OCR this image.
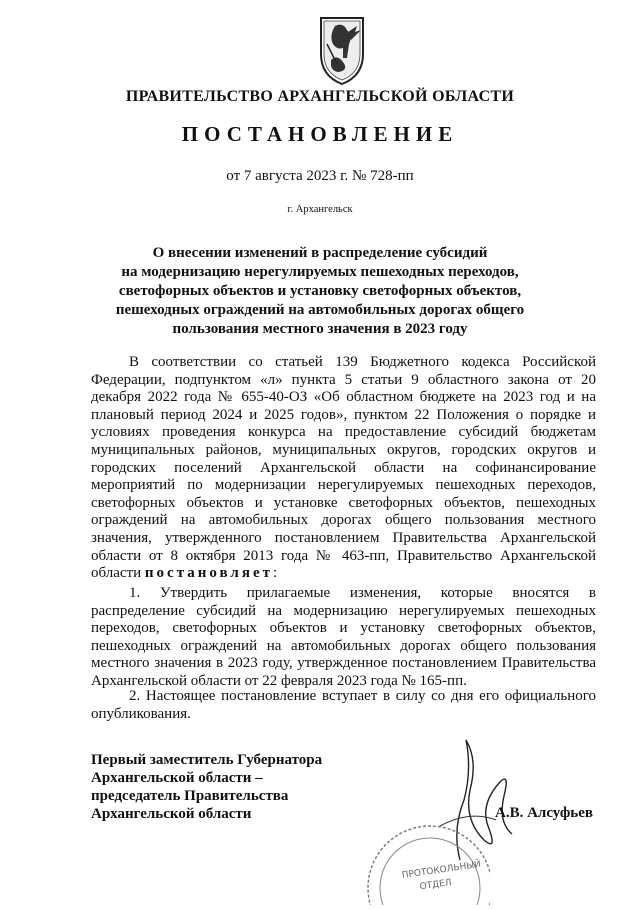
ПРАВИТЕЛЬСТВО АРХАНГЕЛЬСКОЙ ОБЛАСТИ
ПОСТАНОВЛЕНИЕ
от 7 августа 2023 г. № 728-пп
г. Архангельск
О внесении изменений в распределение субсидий
на модернизацию нерегулируемых пешеходных переходов,
светофорных объектов и установку светофорных объектов,
пешеходных ограждений на автомобильных дорогах общего
пользования местного значения в 2023 году
В соответствии со статьей 139 Бюджетного кодекса Российской Федерации, подпунктом «л» пункта 5 статьи 9 областного закона от 20 декабря 2022 года № 655-40-ОЗ «Об областном бюджете на 2023 год и на плановый период 2024 и 2025 годов», пунктом 22 Положения о порядке и условиях проведения конкурса на предоставление субсидий бюджетам муниципальных районов, муниципальных округов, городских округов и городских поселений Архангельской области на софинансирование мероприятий по модернизации нерегулируемых пешеходных переходов, светофорных объектов и установке светофорных объектов, пешеходных ограждений на автомобильных дорогах общего пользования местного значения, утвержденного постановлением Правительства Архангельской области от 8 октября 2013 года № 463-пп, Правительство Архангельской области постановляет:
1. Утвердить прилагаемые изменения, которые вносятся в распределение субсидий на модернизацию нерегулируемых пешеходных переходов, светофорных объектов и установку светофорных объектов, пешеходных ограждений на автомобильных дорогах общего пользования местного значения в 2023 году, утвержденное постановлением Правительства Архангельской области от 22 февраля 2023 года № 165-пп.
2. Настоящее постановление вступает в силу со дня его официального опубликования.
ПРОТОКОЛЬНЫЙ
ОТДЕЛ
Первый заместитель Губернатора
Архангельской области –
председатель Правительства
Архангельской области	А.В. Алсуфьев
